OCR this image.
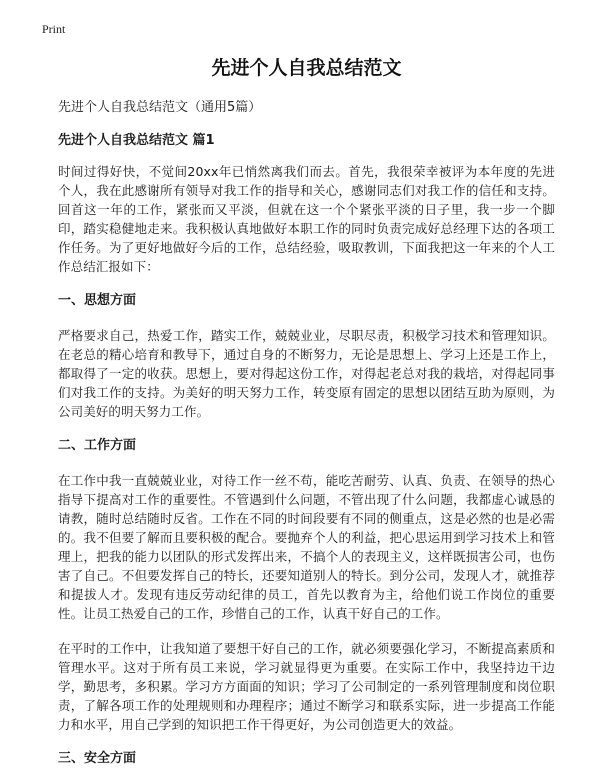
Print
先进个人自我总结范文
先进个人自我总结范文（通用5篇）
先进个人自我总结范文 篇1
时间过得好快，不觉间20xx年已悄然离我们而去。首先，我很荣幸被评为本年度的先进个人，我在此感谢所有领导对我工作的指导和关心，感谢同志们对我工作的信任和支持。回首这一年的工作，紧张而又平淡，但就在这一个个紧张平淡的日子里，我一步一个脚印，踏实稳健地走来。我积极认真地做好本职工作的同时负责完成好总经理下达的各项工作任务。为了更好地做好今后的工作，总结经验，吸取教训，下面我把这一年来的个人工作总结汇报如下：
一、思想方面
严格要求自己，热爱工作，踏实工作，兢兢业业，尽职尽责，积极学习技术和管理知识。在老总的精心培育和教导下，通过自身的不断努力，无论是思想上、学习上还是工作上，都取得了一定的收获。思想上，要对得起这份工作，对得起老总对我的栽培，对得起同事们对我工作的支持。为美好的明天努力工作，转变原有固定的思想以团结互助为原则，为公司美好的明天努力工作。
二、工作方面
在工作中我一直兢兢业业，对待工作一丝不苟，能吃苦耐劳、认真、负责、在领导的热心指导下提高对工作的重要性。不管遇到什么问题，不管出现了什么问题，我都虚心诚恳的请教，随时总结随时反省。工作在不同的时间段要有不同的侧重点，这是必然的也是必需的。我不但要了解而且要积极的配合。要抛弃个人的利益，把心思运用到学习技术上和管理上，把我的能力以团队的形式发挥出来，不搞个人的表现主义，这样既损害公司，也伤害了自己。不但要发挥自己的特长，还要知道别人的特长。到分公司，发现人才，就推荐和提拔人才。发现有违反劳动纪律的员工，首先以教育为主，给他们说工作岗位的重要性。让员工热爱自己的工作，珍惜自己的工作，认真干好自己的工作。
在平时的工作中，让我知道了要想干好自己的工作，就必须要强化学习，不断提高素质和管理水平。这对于所有员工来说，学习就显得更为重要。在实际工作中，我坚持边干边学，勤思考，多积累。学习方方面面的知识；学习了公司制定的一系列管理制度和岗位职责，了解各项工作的处理规则和办理程序；通过不断学习和联系实际，进一步提高工作能力和水平，用自己学到的知识把工作干得更好，为公司创造更大的效益。
三、安全方面
